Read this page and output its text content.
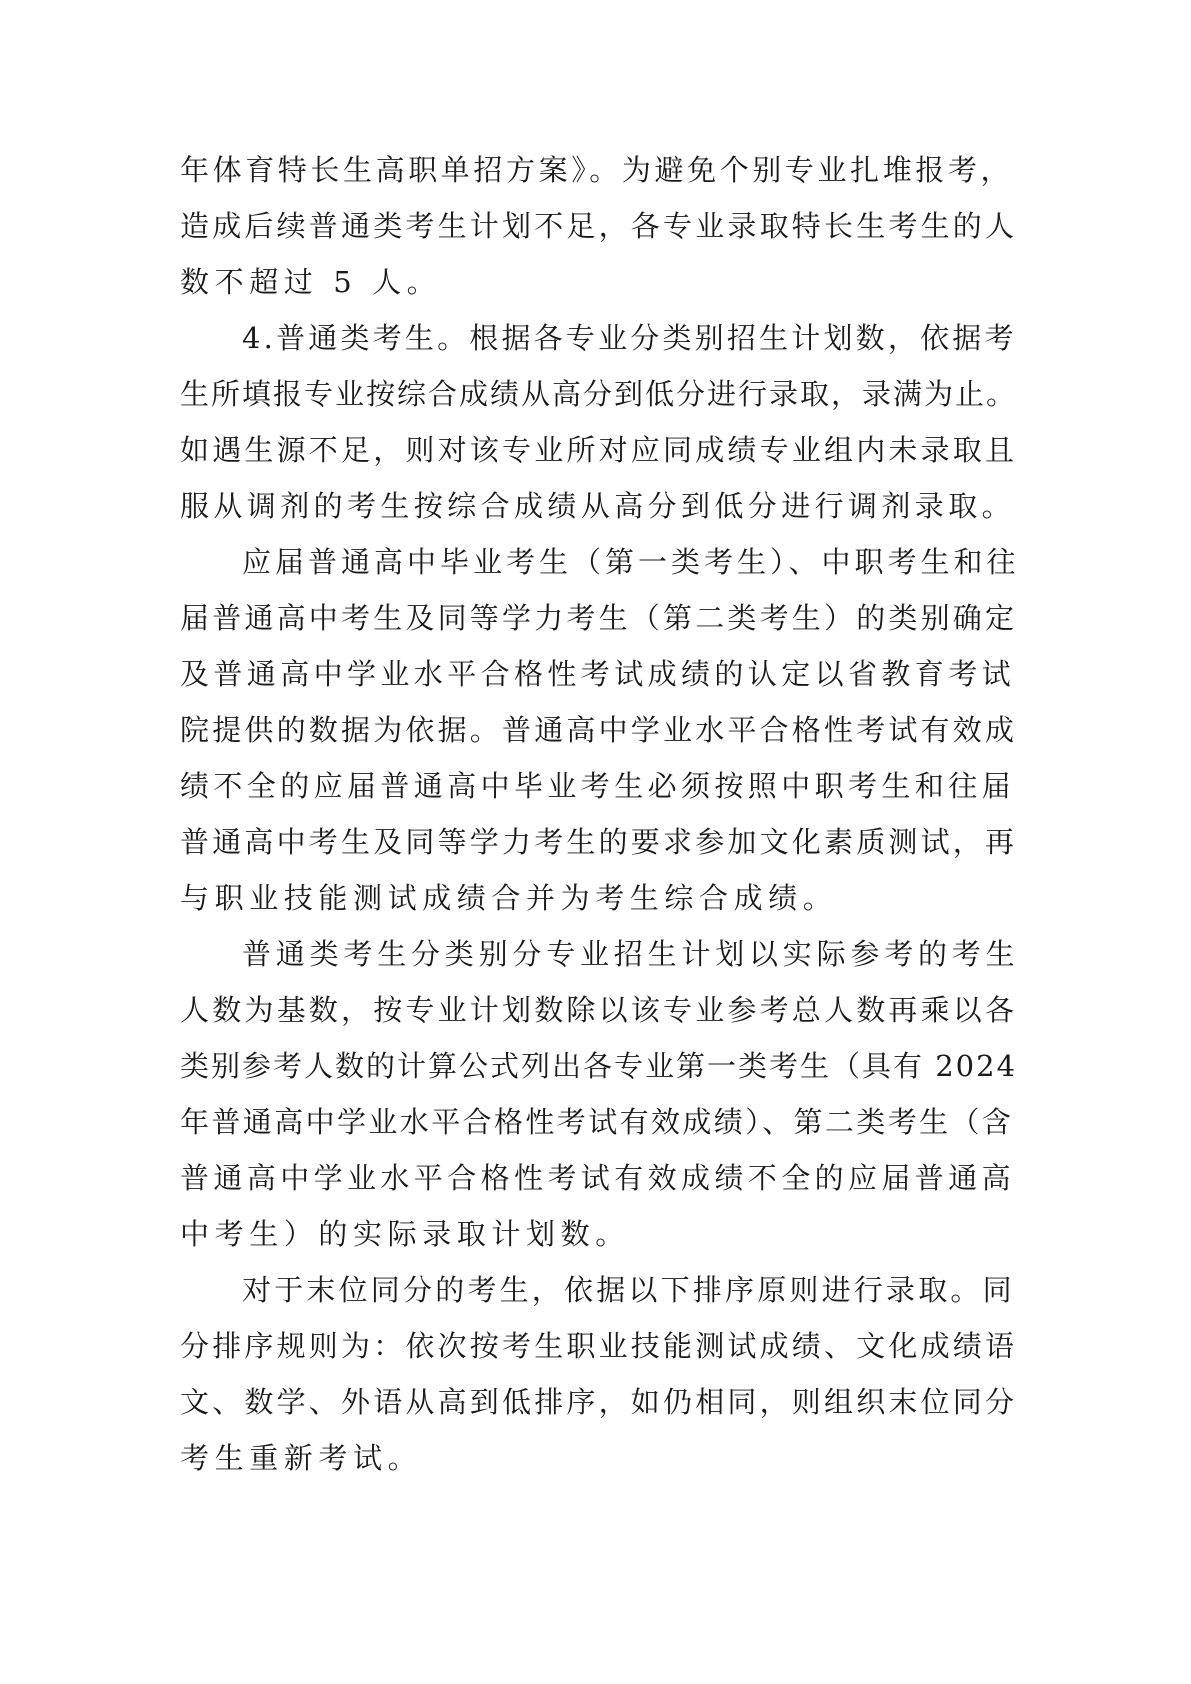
年体育特长生高职单招方案》。为避免个别专业扎堆报考，

造成后续普通类考生计划不足，各专业录取特长生考生的人

数不超过 5 人。

4.普通类考生。根据各专业分类别招生计划数，依据考

生所填报专业按综合成绩从高分到低分进行录取，录满为止。

如遇生源不足，则对该专业所对应同成绩专业组内未录取且

服从调剂的考生按综合成绩从高分到低分进行调剂录取。

应届普通高中毕业考生（第一类考生）、中职考生和往

届普通高中考生及同等学力考生（第二类考生）的类别确定

及普通高中学业水平合格性考试成绩的认定以省教育考试

院提供的数据为依据。普通高中学业水平合格性考试有效成

绩不全的应届普通高中毕业考生必须按照中职考生和往届

普通高中考生及同等学力考生的要求参加文化素质测试，再

与职业技能测试成绩合并为考生综合成绩。

普通类考生分类别分专业招生计划以实际参考的考生

人数为基数，按专业计划数除以该专业参考总人数再乘以各

类别参考人数的计算公式列出各专业第一类考生（具有 2024

年普通高中学业水平合格性考试有效成绩）、第二类考生（含

普通高中学业水平合格性考试有效成绩不全的应届普通高

中考生）的实际录取计划数。

对于末位同分的考生，依据以下排序原则进行录取。同

分排序规则为：依次按考生职业技能测试成绩、文化成绩语

文、数学、外语从高到低排序，如仍相同，则组织末位同分

考生重新考试。
